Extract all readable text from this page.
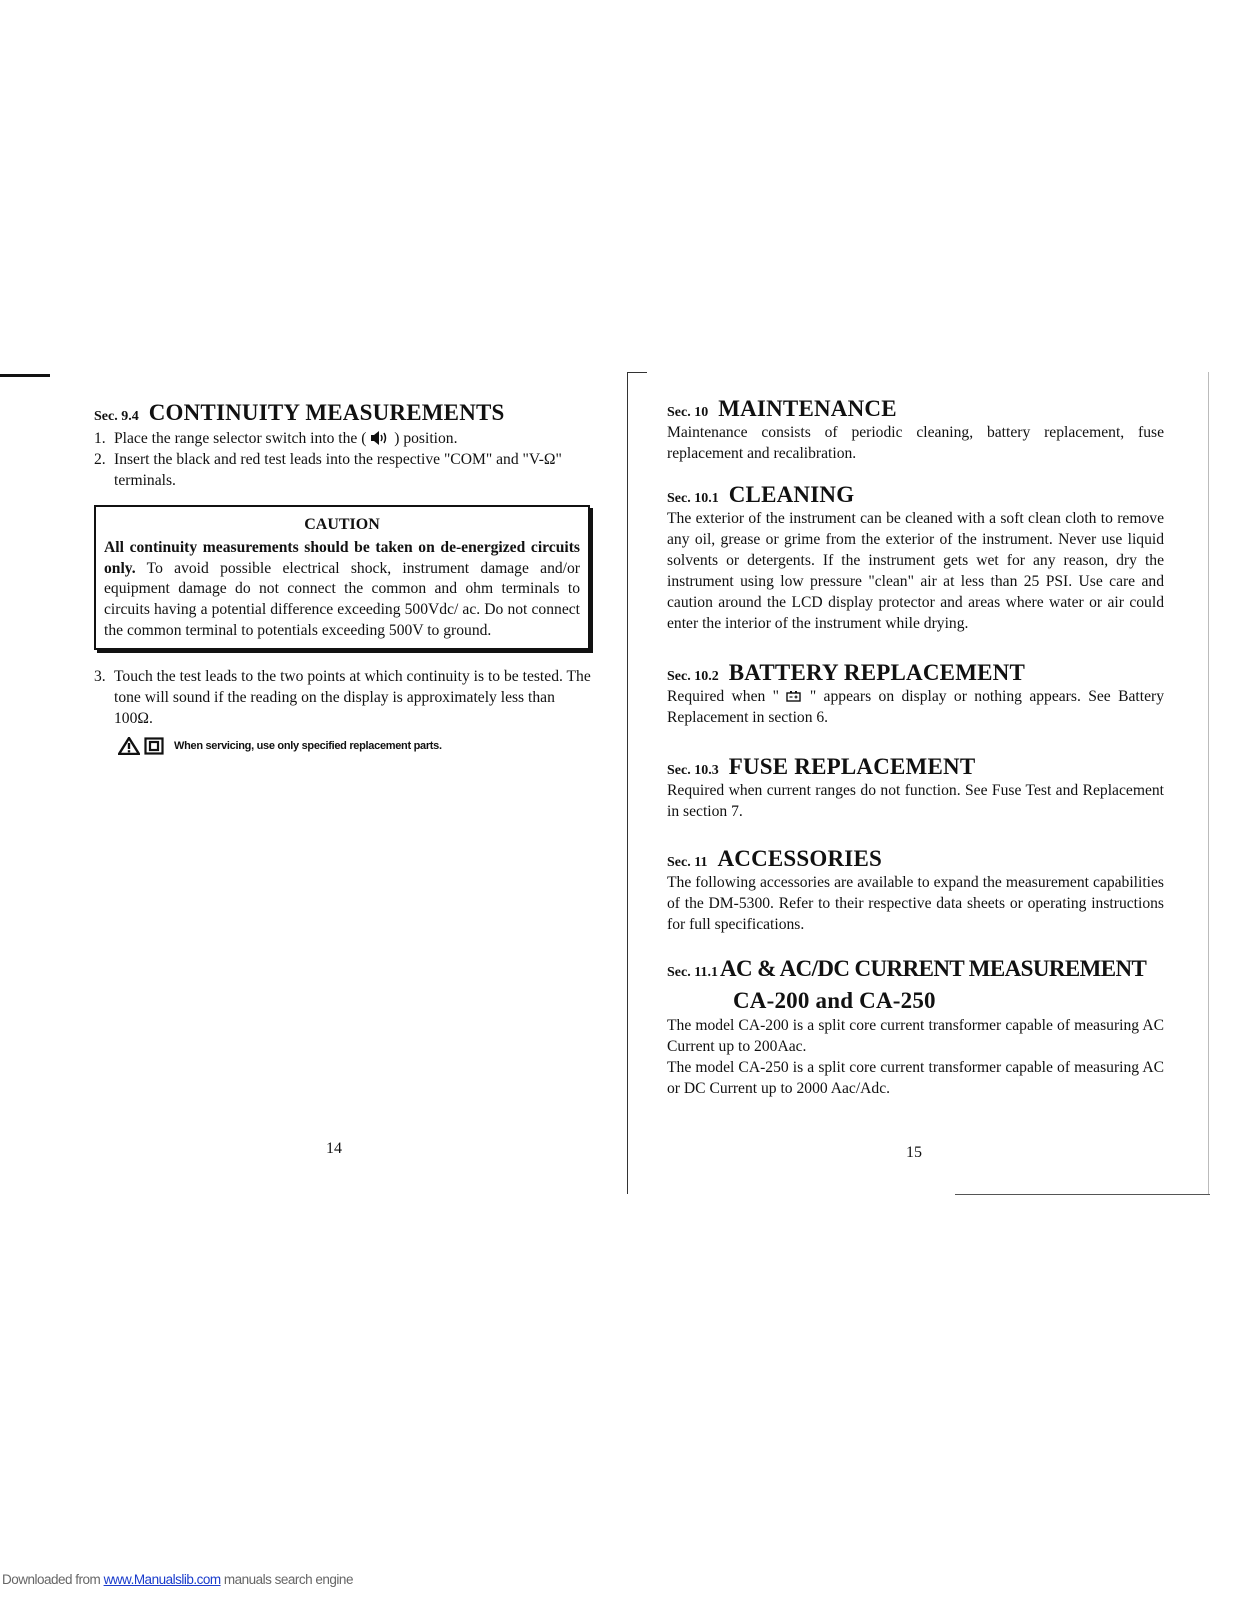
Sec. 9.4 CONTINUITY MEASUREMENTS
1. Place the range selector switch into the (
) position.
2. Insert the black and red test leads into the respective "COM" and "V-Ω" terminals.
CAUTION
All continuity measurements should be taken on de-energized circuits only. To avoid possible electrical shock, instrument damage and/or equipment damage do not connect the common and ohm terminals to circuits having a potential difference exceeding 500Vdc/ ac. Do not connect the common terminal to potentials exceeding 500V to ground.
3. Touch the test leads to the two points at which continuity is to be tested. The tone will sound if the reading on the display is approximately less than 100Ω.
When servicing, use only specified replacement parts.
14
Sec. 10 MAINTENANCE
Maintenance consists of periodic cleaning, battery replacement, fuse replacement and recalibration.
Sec. 10.1 CLEANING
The exterior of the instrument can be cleaned with a soft clean cloth to remove any oil, grease or grime from the exterior of the instrument. Never use liquid solvents or detergents. If the instrument gets wet for any reason, dry the instrument using low pressure "clean" air at less than 25 PSI. Use care and caution around the LCD display protector and areas where water or air could enter the interior of the instrument while drying.
Sec. 10.2 BATTERY REPLACEMENT
Required when "
" appears on display or nothing appears. See Battery Replacement in section 6.
Sec. 10.3 FUSE REPLACEMENT
Required when current ranges do not function. See Fuse Test and Replacement in section 7.
Sec. 11 ACCESSORIES
The following accessories are available to expand the measurement capabilities of the DM-5300. Refer to their respective data sheets or operating instructions for full specifications.
Sec. 11.1AC & AC/DC CURRENT MEASUREMENT
CA-200 and CA-250
The model CA-200 is a split core current transformer capable of measuring AC Current up to 200Aac.
The model CA-250 is a split core current transformer capable of measuring AC or DC Current up to 2000 Aac/Adc.
15
Downloaded from www.Manualslib.com manuals search engine
